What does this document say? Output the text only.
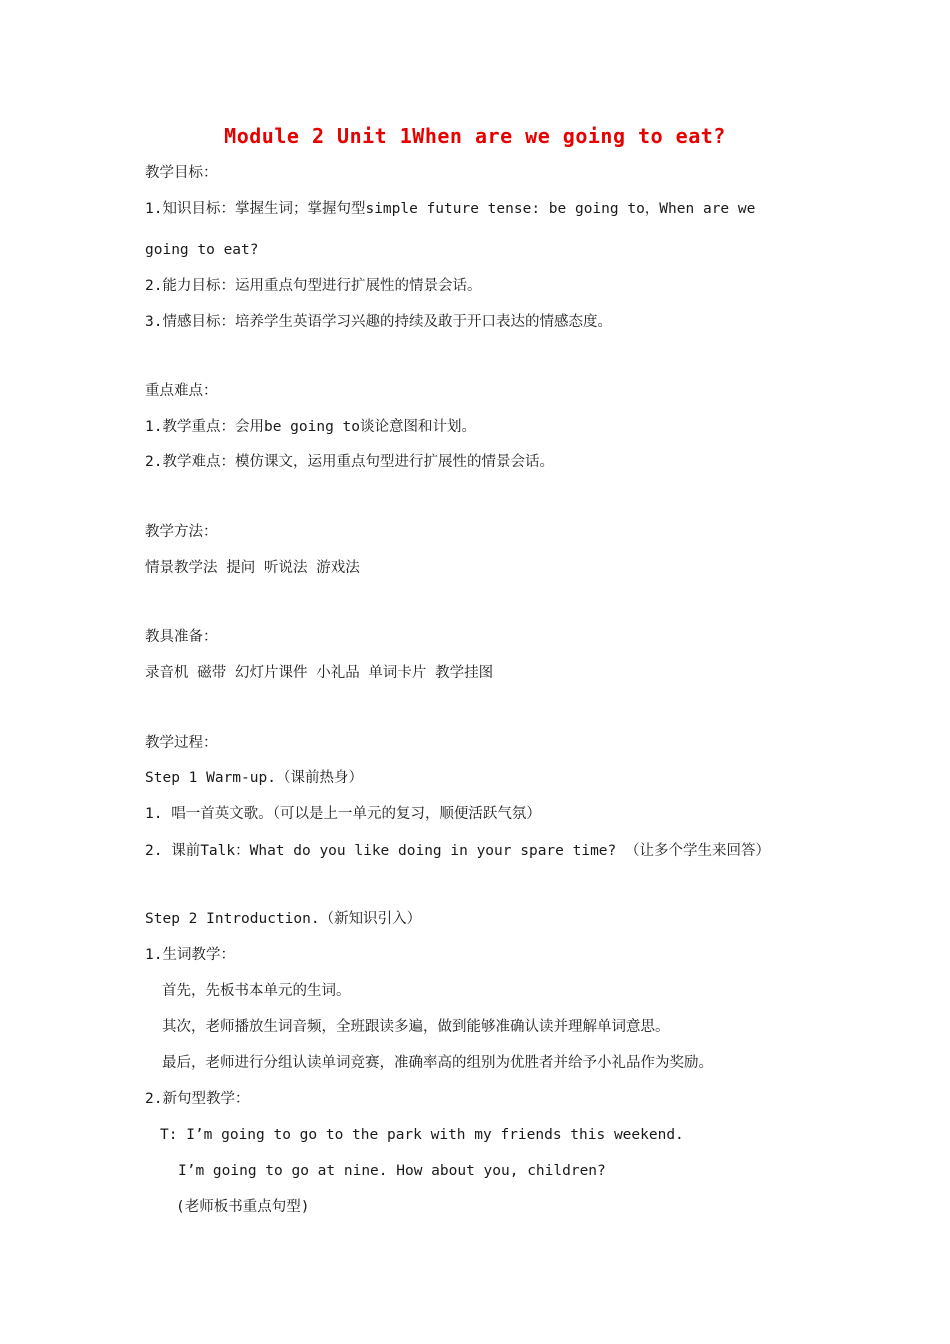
Module 2 Unit 1When are we going to eat?
教学目标：
1.知识目标：掌握生词；掌握句型simple future tense: be going to，When are we
going to eat?
2.能力目标：运用重点句型进行扩展性的情景会话。
3.情感目标：培养学生英语学习兴趣的持续及敢于开口表达的情感态度。
重点难点：
1.教学重点：会用be going to谈论意图和计划。
2.教学难点：模仿课文，运用重点句型进行扩展性的情景会话。
教学方法：
情景教学法 提问 听说法 游戏法
教具准备：
录音机 磁带 幻灯片课件 小礼品 单词卡片 教学挂图
教学过程：
Step 1 Warm-up.（课前热身）
1. 唱一首英文歌。（可以是上一单元的复习，顺便活跃气氛）
2. 课前Talk：What do you like doing in your spare time? （让多个学生来回答）
Step 2 Introduction.（新知识引入）
1.生词教学：
首先，先板书本单元的生词。
其次，老师播放生词音频，全班跟读多遍，做到能够准确认读并理解单词意思。
最后，老师进行分组认读单词竞赛，准确率高的组别为优胜者并给予小礼品作为奖励。
2.新句型教学：
T: I’m going to go to the park with my friends this weekend.
I’m going to go at nine. How about you, children?
(老师板书重点句型)
